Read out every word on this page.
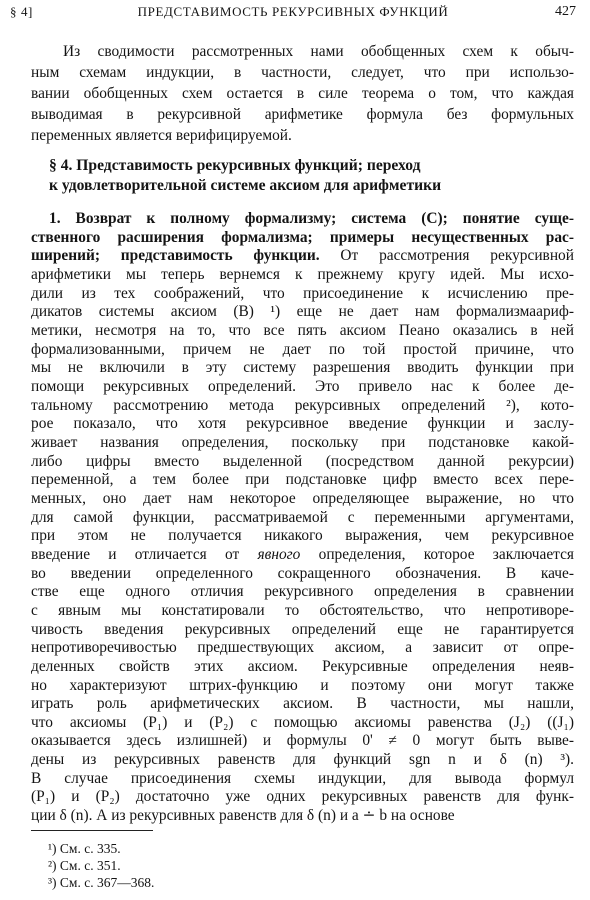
§ 4]	ПРЕДСТАВИМОСТЬ РЕКУРСИВНЫХ ФУНКЦИЙ	427
Из сводимости рассмотренных нами обобщенных схем к обыч-
ным схемам индукции, в частности, следует, что при использо-
вании обобщенных схем остается в силе теорема о том, что каждая
выводимая в рекурсивной арифметике формула без формульных
переменных является верифицируемой.
§ 4. Представимость рекурсивных функций; переход
к удовлетворительной системе аксиом для арифметики
1. Возврат к полному формализму; система (C); понятие суще-
ственного расширения формализма; примеры несущественных рас-
ширений; представимость функции. От рассмотрения рекурсивной
арифметики мы теперь вернемся к прежнему кругу идей. Мы исхо-
дили из тех соображений, что присоединение к исчислению пре-
дикатов системы аксиом (B) ¹) еще не дает нам формализмаариф-
метики, несмотря на то, что все пять аксиом Пеано оказались в ней
формализованными, причем не дает по той простой причине, что
мы не включили в эту систему разрешения вводить функции при
помощи рекурсивных определений. Это привело нас к более де-
тальному рассмотрению метода рекурсивных определений ²), кото-
рое показало, что хотя рекурсивное введение функции и заслу-
живает названия определения, поскольку при подстановке какой-
либо цифры вместо выделенной (посредством данной рекурсии)
переменной, а тем более при подстановке цифр вместо всех пере-
менных, оно дает нам некоторое определяющее выражение, но что
для самой функции, рассматриваемой с переменными аргументами,
при этом не получается никакого выражения, чем рекурсивное
введение и отличается от явного определения, которое заключается
во введении определенного сокращенного обозначения. В каче-
стве еще одного отличия рекурсивного определения в сравнении
с явным мы констатировали то обстоятельство, что непротиворе-
чивость введения рекурсивных определений еще не гарантируется
непротиворечивостью предшествующих аксиом, а зависит от опре-
деленных свойств этих аксиом. Рекурсивные определения неяв-
но характеризуют штрих-функцию и поэтому они могут также
играть роль арифметических аксиом. В частности, мы нашли,
что аксиомы (P₁) и (P₂) с помощью аксиомы равенства (J₂) ((J₁)
оказывается здесь излишней) и формулы 0' ≠ 0 могут быть выве-
дены из рекурсивных равенств для функций sgn n и δ (n) ³).
В случае присоединения схемы индукции, для вывода формул
(P₁) и (P₂) достаточно уже одних рекурсивных равенств для функ-
ции δ (n). А из рекурсивных равенств для δ (n) и a ∸ b на основе
¹) См. с. 335.
²) См. с. 351.
³) См. с. 367—368.
